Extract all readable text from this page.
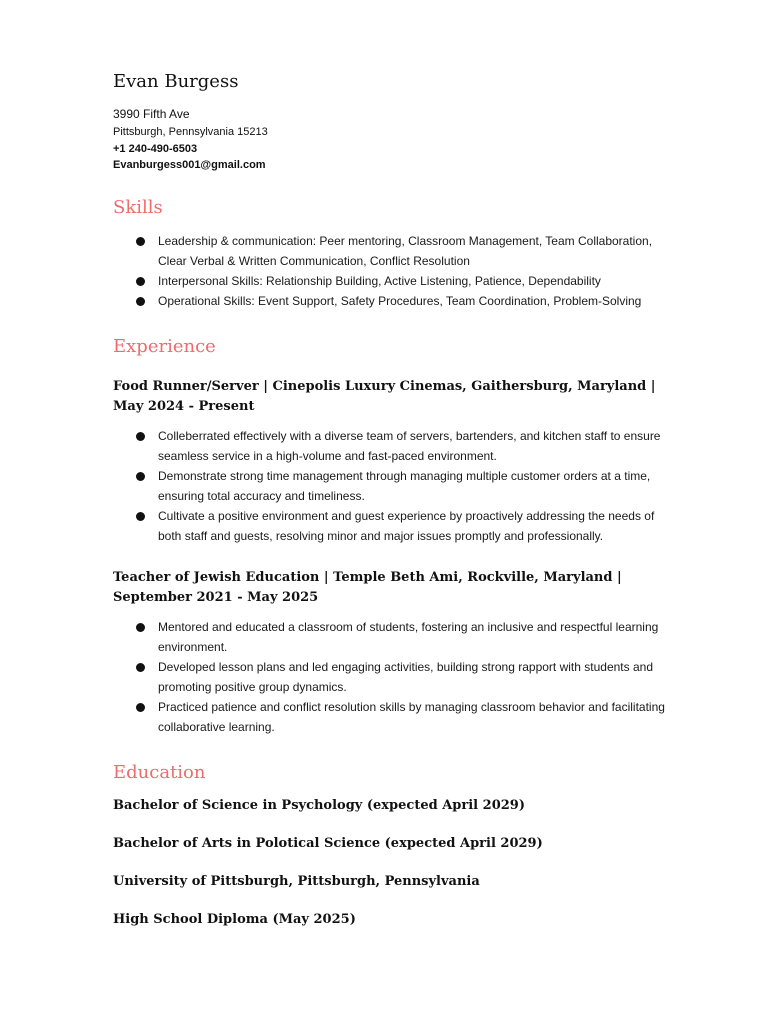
Evan Burgess
3990 Fifth Ave
Pittsburgh, Pennsylvania 15213
+1 240-490-6503
Evanburgess001@gmail.com
Skills
Leadership & communication: Peer mentoring, Classroom Management, Team Collaboration, Clear Verbal & Written Communication, Conflict Resolution
Interpersonal Skills: Relationship Building, Active Listening, Patience, Dependability
Operational Skills: Event Support, Safety Procedures, Team Coordination, Problem-Solving
Experience
Food Runner/Server | Cinepolis Luxury Cinemas, Gaithersburg, Maryland | May 2024 - Present
Colleberrated effectively with a diverse team of servers, bartenders, and kitchen staff to ensure seamless service in a high-volume and fast-paced environment.
Demonstrate strong time management through managing multiple customer orders at a time, ensuring total accuracy and timeliness.
Cultivate a positive environment and guest experience by proactively addressing the needs of both staff and guests, resolving minor and major issues promptly and professionally.
Teacher of Jewish Education | Temple Beth Ami, Rockville, Maryland | September 2021 - May 2025
Mentored and educated a classroom of students, fostering an inclusive and respectful learning environment.
Developed lesson plans and led engaging activities, building strong rapport with students and promoting positive group dynamics.
Practiced patience and conflict resolution skills by managing classroom behavior and facilitating collaborative learning.
Education
Bachelor of Science in Psychology (expected April 2029)
Bachelor of Arts in Polotical Science (expected April 2029)
University of Pittsburgh, Pittsburgh, Pennsylvania
High School Diploma (May 2025)
